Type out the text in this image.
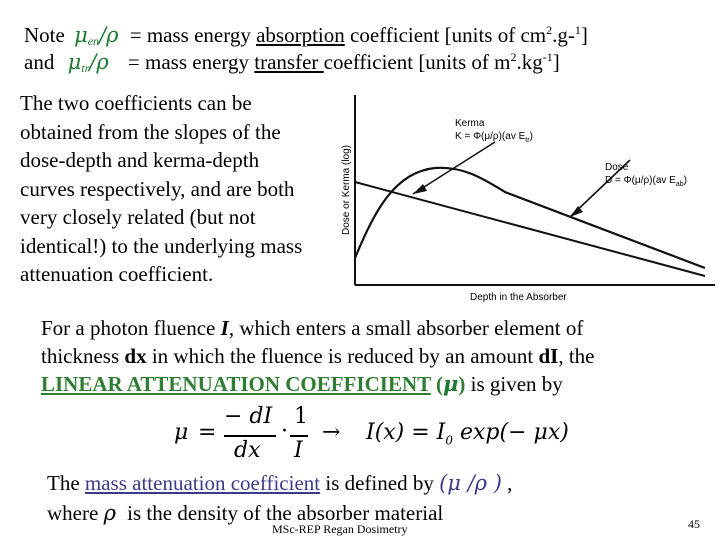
Note $\mu_{en}/\rho$ = mass energy absorption coefficient [units of $cm^2.g-^1$]
and $\mu_{tr}/\rho$ = mass energy transfer coefficient [units of $m^2.kg^{-1}$]
The two coefficients can be
obtained from the slopes of the
dose-depth and kerma-depth
curves respectively, and are both
very closely related (but not
identical!) to the underlying mass
attenuation coefficient.
Kerma
K = Φ(μ/ρ)(av $E_{tr}$)
Dose
D = Φ(μ/ρ)(av $E_{ab}$)
Dose or Kerma (log)
Depth in the Absorber
For a photon fluence I, which enters a small absorber element of
thickness dx in which the fluence is reduced by an amount dI, the
LINEAR ATTENUATION COEFFICIENT (μ) is given by
μ =
− dI
dx
·
1
I
→ $I(x) = I_0$ exp(− μx)
The mass attenuation coefficient is defined by (μ /ρ ) ,
where ρ is the density of the absorber material
MSc-REP Regan Dosimetry	45
